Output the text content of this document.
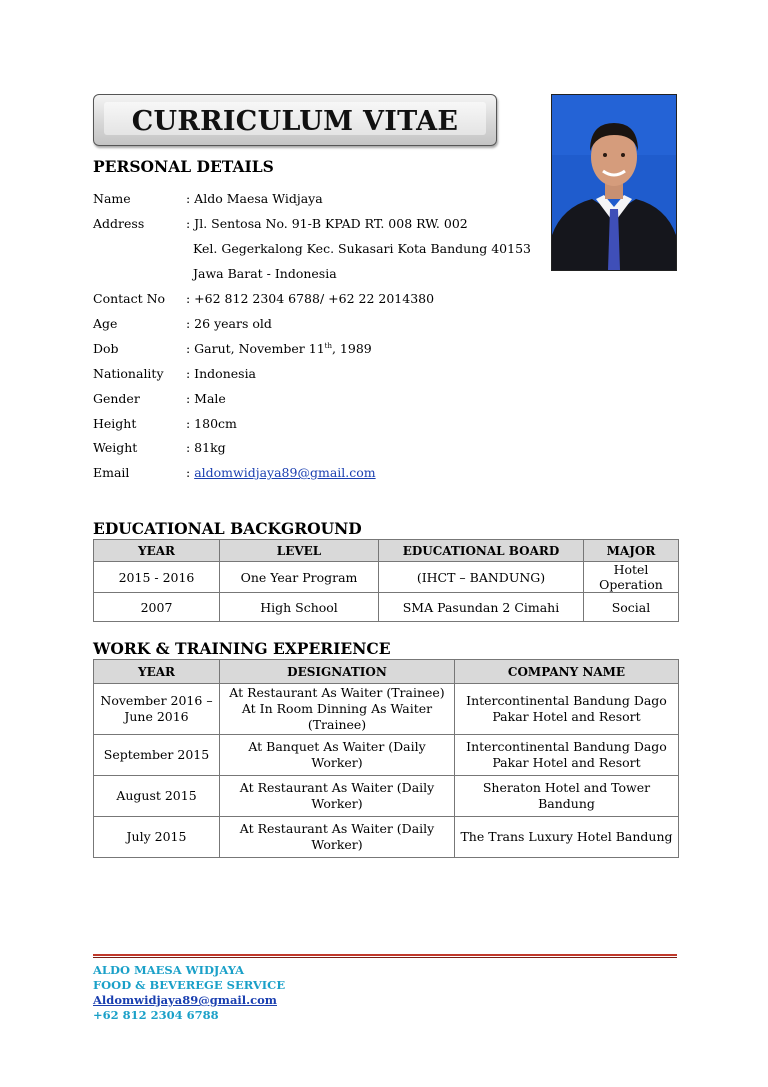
CURRICULUM VITAE
PERSONAL DETAILS
Name	: Aldo Maesa Widjaya
Address	: Jl. Sentosa No. 91-B KPAD RT. 008 RW. 002
Kel. Gegerkalong Kec. Sukasari Kota Bandung 40153
Jawa Barat - Indonesia
Contact No : +62 812 2304 6788/ +62 22 2014380
Age	: 26 years old
Dob	: Garut, November 11th, 1989
Nationality : Indonesia
Gender	: Male
Height	: 180cm
Weight	: 81kg
Email	: aldomwidjaya89@gmail.com
EDUCATIONAL BACKGROUND
YEAR	LEVEL	EDUCATIONAL BOARD	MAJOR
2015 - 2016	One Year Program	(IHCT – BANDUNG)	Hotel Operation
2007	High School	SMA Pasundan 2 Cimahi	Social
WORK & TRAINING EXPERIENCE
YEAR	DESIGNATION	COMPANY NAME
November 2016 – June 2016	At Restaurant As Waiter (Trainee) At In Room Dinning As Waiter (Trainee)	Intercontinental Bandung Dago Pakar Hotel and Resort
September 2015	At Banquet As Waiter (Daily Worker)	Intercontinental Bandung Dago Pakar Hotel and Resort
August 2015	At Restaurant As Waiter (Daily Worker)	Sheraton Hotel and Tower Bandung
July 2015	At Restaurant As Waiter (Daily Worker)	The Trans Luxury Hotel Bandung
ALDO MAESA WIDJAYA
FOOD & BEVEREGE SERVICE
Aldomwidjaya89@gmail.com
+62 812 2304 6788
